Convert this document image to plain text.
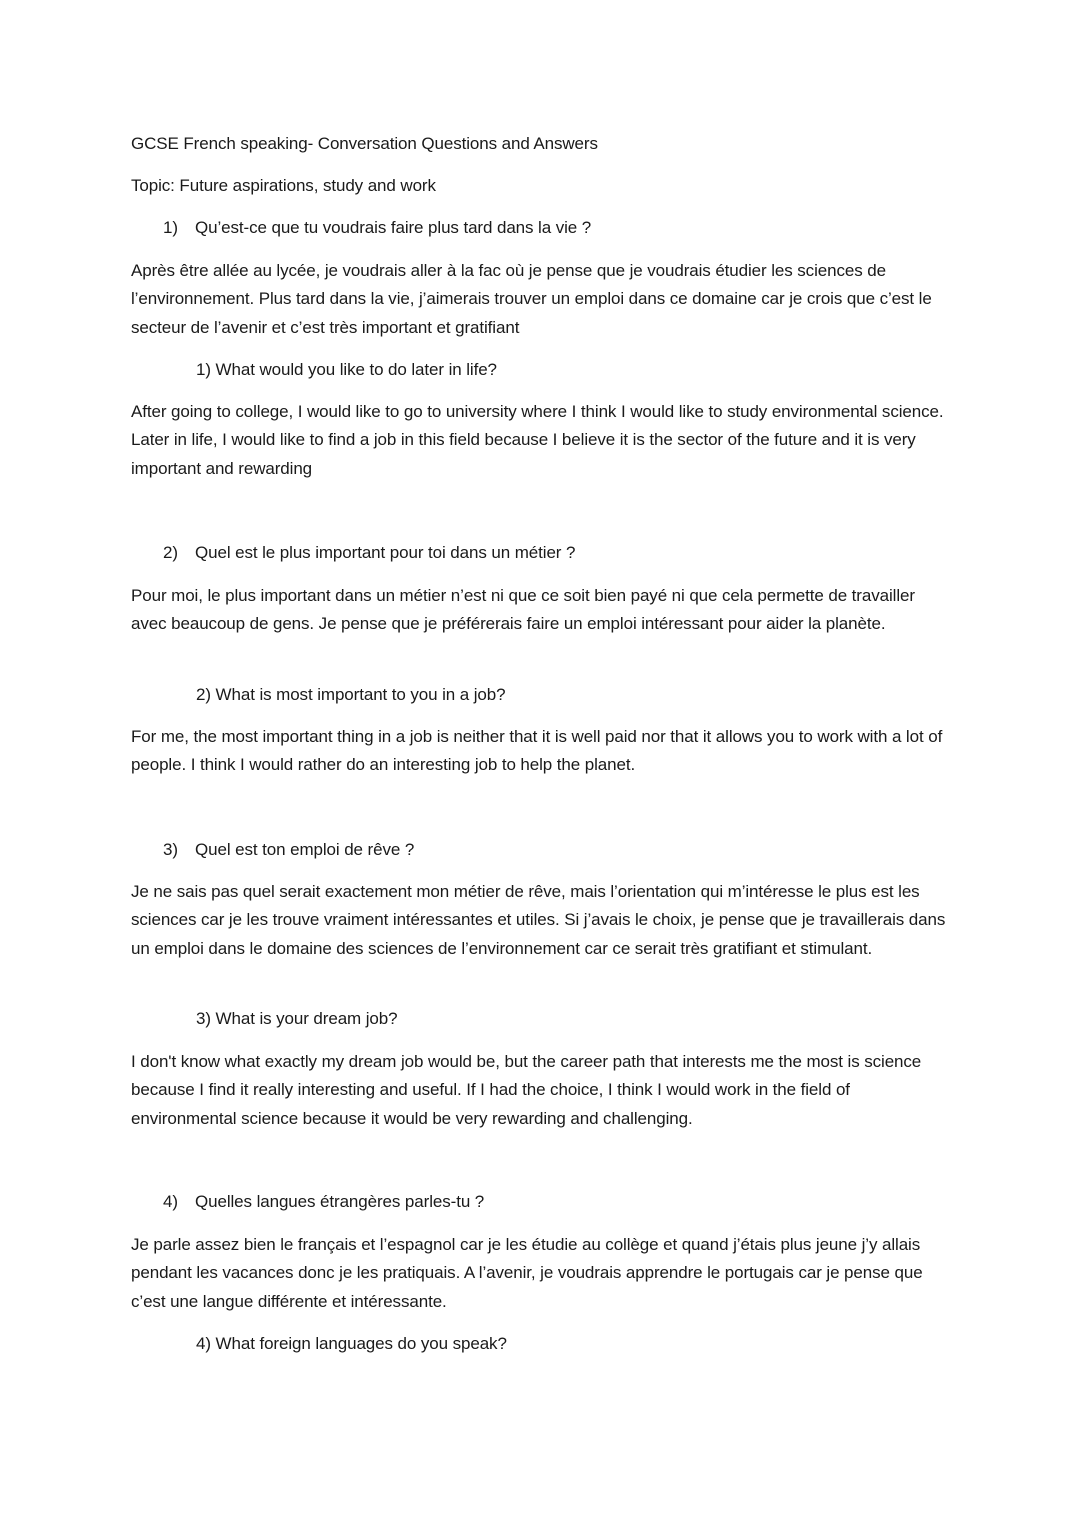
GCSE French speaking- Conversation Questions and Answers
Topic: Future aspirations, study and work
1) Qu’est-ce que tu voudrais faire plus tard dans la vie ?
Après être allée au lycée, je voudrais aller à la fac où je pense que je voudrais étudier les sciences de l’environnement. Plus tard dans la vie, j’aimerais trouver un emploi dans ce domaine car je crois que c’est le secteur de l’avenir et c’est très important et gratifiant
1) What would you like to do later in life?
After going to college, I would like to go to university where I think I would like to study environmental science. Later in life, I would like to find a job in this field because I believe it is the sector of the future and it is very important and rewarding
2) Quel est le plus important pour toi dans un métier ?
Pour moi, le plus important dans un métier n’est ni que ce soit bien payé ni que cela permette de travailler avec beaucoup de gens. Je pense que je préférerais faire un emploi intéressant pour aider la planète.
2) What is most important to you in a job?
For me, the most important thing in a job is neither that it is well paid nor that it allows you to work with a lot of people. I think I would rather do an interesting job to help the planet.
3) Quel est ton emploi de rêve ?
Je ne sais pas quel serait exactement mon métier de rêve, mais l’orientation qui m’intéresse le plus est les sciences car je les trouve vraiment intéressantes et utiles. Si j’avais le choix, je pense que je travaillerais dans un emploi dans le domaine des sciences de l’environnement car ce serait très gratifiant et stimulant.
3) What is your dream job?
I don't know what exactly my dream job would be, but the career path that interests me the most is science because I find it really interesting and useful. If I had the choice, I think I would work in the field of environmental science because it would be very rewarding and challenging.
4) Quelles langues étrangères parles-tu ?
Je parle assez bien le français et l’espagnol car je les étudie au collège et quand j’étais plus jeune j’y allais pendant les vacances donc je les pratiquais. A l’avenir, je voudrais apprendre le portugais car je pense que c’est une langue différente et intéressante.
4) What foreign languages do you speak?
